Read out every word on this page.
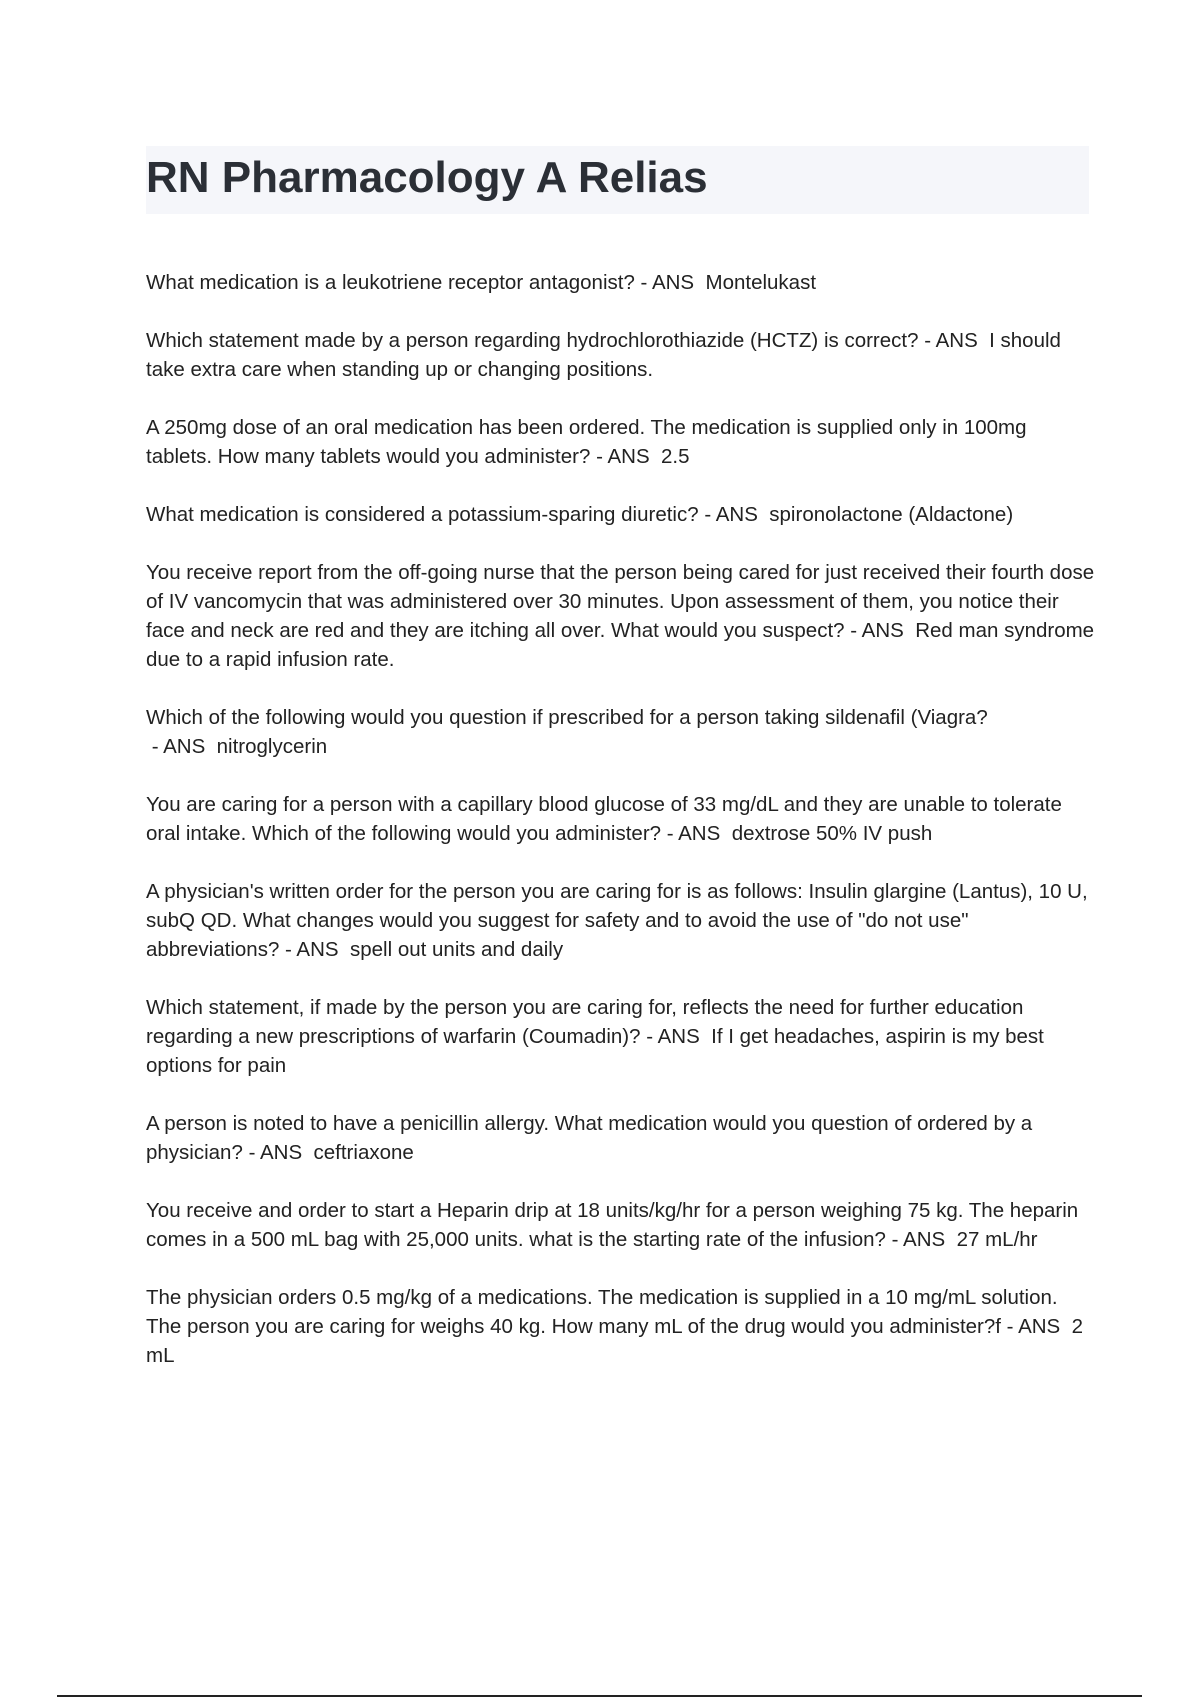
RN Pharmacology A Relias

What medication is a leukotriene receptor antagonist? - ANS  Montelukast

Which statement made by a person regarding hydrochlorothiazide (HCTZ) is correct? - ANS  I should take extra care when standing up or changing positions.

A 250mg dose of an oral medication has been ordered. The medication is supplied only in 100mg tablets. How many tablets would you administer? - ANS  2.5

What medication is considered a potassium-sparing diuretic? - ANS  spironolactone (Aldactone)

You receive report from the off-going nurse that the person being cared for just received their fourth dose of IV vancomycin that was administered over 30 minutes. Upon assessment of them, you notice their face and neck are red and they are itching all over. What would you suspect? - ANS  Red man syndrome due to a rapid infusion rate.

Which of the following would you question if prescribed for a person taking sildenafil (Viagra? - ANS  nitroglycerin

You are caring for a person with a capillary blood glucose of 33 mg/dL and they are unable to tolerate oral intake. Which of the following would you administer? - ANS  dextrose 50% IV push

A physician's written order for the person you are caring for is as follows: Insulin glargine (Lantus), 10 U, subQ QD. What changes would you suggest for safety and to avoid the use of "do not use" abbreviations? - ANS  spell out units and daily

Which statement, if made by the person you are caring for, reflects the need for further education regarding a new prescriptions of warfarin (Coumadin)? - ANS  If I get headaches, aspirin is my best options for pain

A person is noted to have a penicillin allergy. What medication would you question of ordered by a physician? - ANS  ceftriaxone

You receive and order to start a Heparin drip at 18 units/kg/hr for a person weighing 75 kg. The heparin comes in a 500 mL bag with 25,000 units. what is the starting rate of the infusion? - ANS  27 mL/hr

The physician orders 0.5 mg/kg of a medications. The medication is supplied in a 10 mg/mL solution. The person you are caring for weighs 40 kg. How many mL of the drug would you administer?f - ANS  2 mL
